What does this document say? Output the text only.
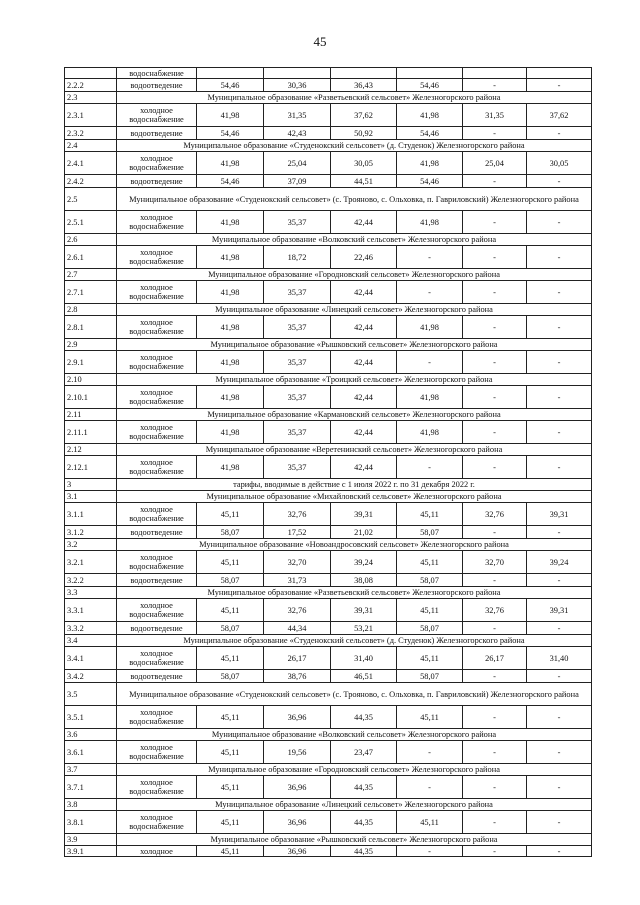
45
	водоснабжение						
2.2.2	водоотведение	54,46	30,36	36,43	54,46	-	-
2.3	Муниципальное образование «Разветьевский сельсовет» Железногорского района						
2.3.1	холодное водоснабжение	41,98	31,35	37,62	41,98	31,35	37,62
2.3.2	водоотведение	54,46	42,43	50,92	54,46	-	-
2.4	Муниципальное образование «Студенокский сельсовет» (д. Студенок) Железногорского района						
2.4.1	холодное водоснабжение	41,98	25,04	30,05	41,98	25,04	30,05
2.4.2	водоотведение	54,46	37,09	44,51	54,46	-	-
2.5	Муниципальное образование «Студенокский сельсовет» (с. Трояново, с. Ольховка, п. Гавриловский) Железногорского района						
2.5.1	холодное водоснабжение	41,98	35,37	42,44	41,98	-	-
2.6	Муниципальное образование «Волковский сельсовет» Железногорского района						
2.6.1	холодное водоснабжение	41,98	18,72	22,46	-	-	-
2.7	Муниципальное образование «Городновский сельсовет» Железногорского района						
2.7.1	холодное водоснабжение	41,98	35,37	42,44	-	-	-
2.8	Муниципальное образование «Линецкий сельсовет» Железногорского района						
2.8.1	холодное водоснабжение	41,98	35,37	42,44	41,98	-	-
2.9	Муниципальное образование «Рышковский сельсовет» Железногорского района						
2.9.1	холодное водоснабжение	41,98	35,37	42,44	-	-	-
2.10	Муниципальное образование «Троицкий сельсовет» Железногорского района						
2.10.1	холодное водоснабжение	41,98	35,37	42,44	41,98	-	-
2.11	Муниципальное образование «Кармановский сельсовет» Железногорского района						
2.11.1	холодное водоснабжение	41,98	35,37	42,44	41,98	-	-
2.12	Муниципальное образование «Веретенинский сельсовет» Железногорского района						
2.12.1	холодное водоснабжение	41,98	35,37	42,44	-	-	-
3	тарифы, вводимые в действие с 1 июля 2022 г. по 31 декабря 2022 г.						
3.1	Муниципальное образование «Михайловский сельсовет» Железногорского района						
3.1.1	холодное водоснабжение	45,11	32,76	39,31	45,11	32,76	39,31
3.1.2	водоотведение	58,07	17,52	21,02	58,07	-	-
3.2	Муниципальное образование «Новоандросовский сельсовет» Железногорского района						
3.2.1	холодное водоснабжение	45,11	32,70	39,24	45,11	32,70	39,24
3.2.2	водоотведение	58,07	31,73	38,08	58,07	-	-
3.3	Муниципальное образование «Разветьевский сельсовет» Железногорского района						
3.3.1	холодное водоснабжение	45,11	32,76	39,31	45,11	32,76	39,31
3.3.2	водоотведение	58,07	44,34	53,21	58,07	-	-
3.4	Муниципальное образование «Студенокский сельсовет» (д. Студенок) Железногорского района						
3.4.1	холодное водоснабжение	45,11	26,17	31,40	45,11	26,17	31,40
3.4.2	водоотведение	58,07	38,76	46,51	58,07	-	-
3.5	Муниципальное образование «Студенокский сельсовет» (с. Трояново, с. Ольховка, п. Гавриловский) Железногорского района						
3.5.1	холодное водоснабжение	45,11	36,96	44,35	45,11	-	-
3.6	Муниципальное образование «Волковский сельсовет» Железногорского района						
3.6.1	холодное водоснабжение	45,11	19,56	23,47	-	-	-
3.7	Муниципальное образование «Городновский сельсовет» Железногорского района						
3.7.1	холодное водоснабжение	45,11	36,96	44,35	-	-	-
3.8	Муниципальное образование «Линецкий сельсовет» Железногорского района						
3.8.1	холодное водоснабжение	45,11	36,96	44,35	45,11	-	-
3.9	Муниципальное образование «Рышковский сельсовет» Железногорского района						
3.9.1	холодное	45,11	36,96	44,35	-	-	-
